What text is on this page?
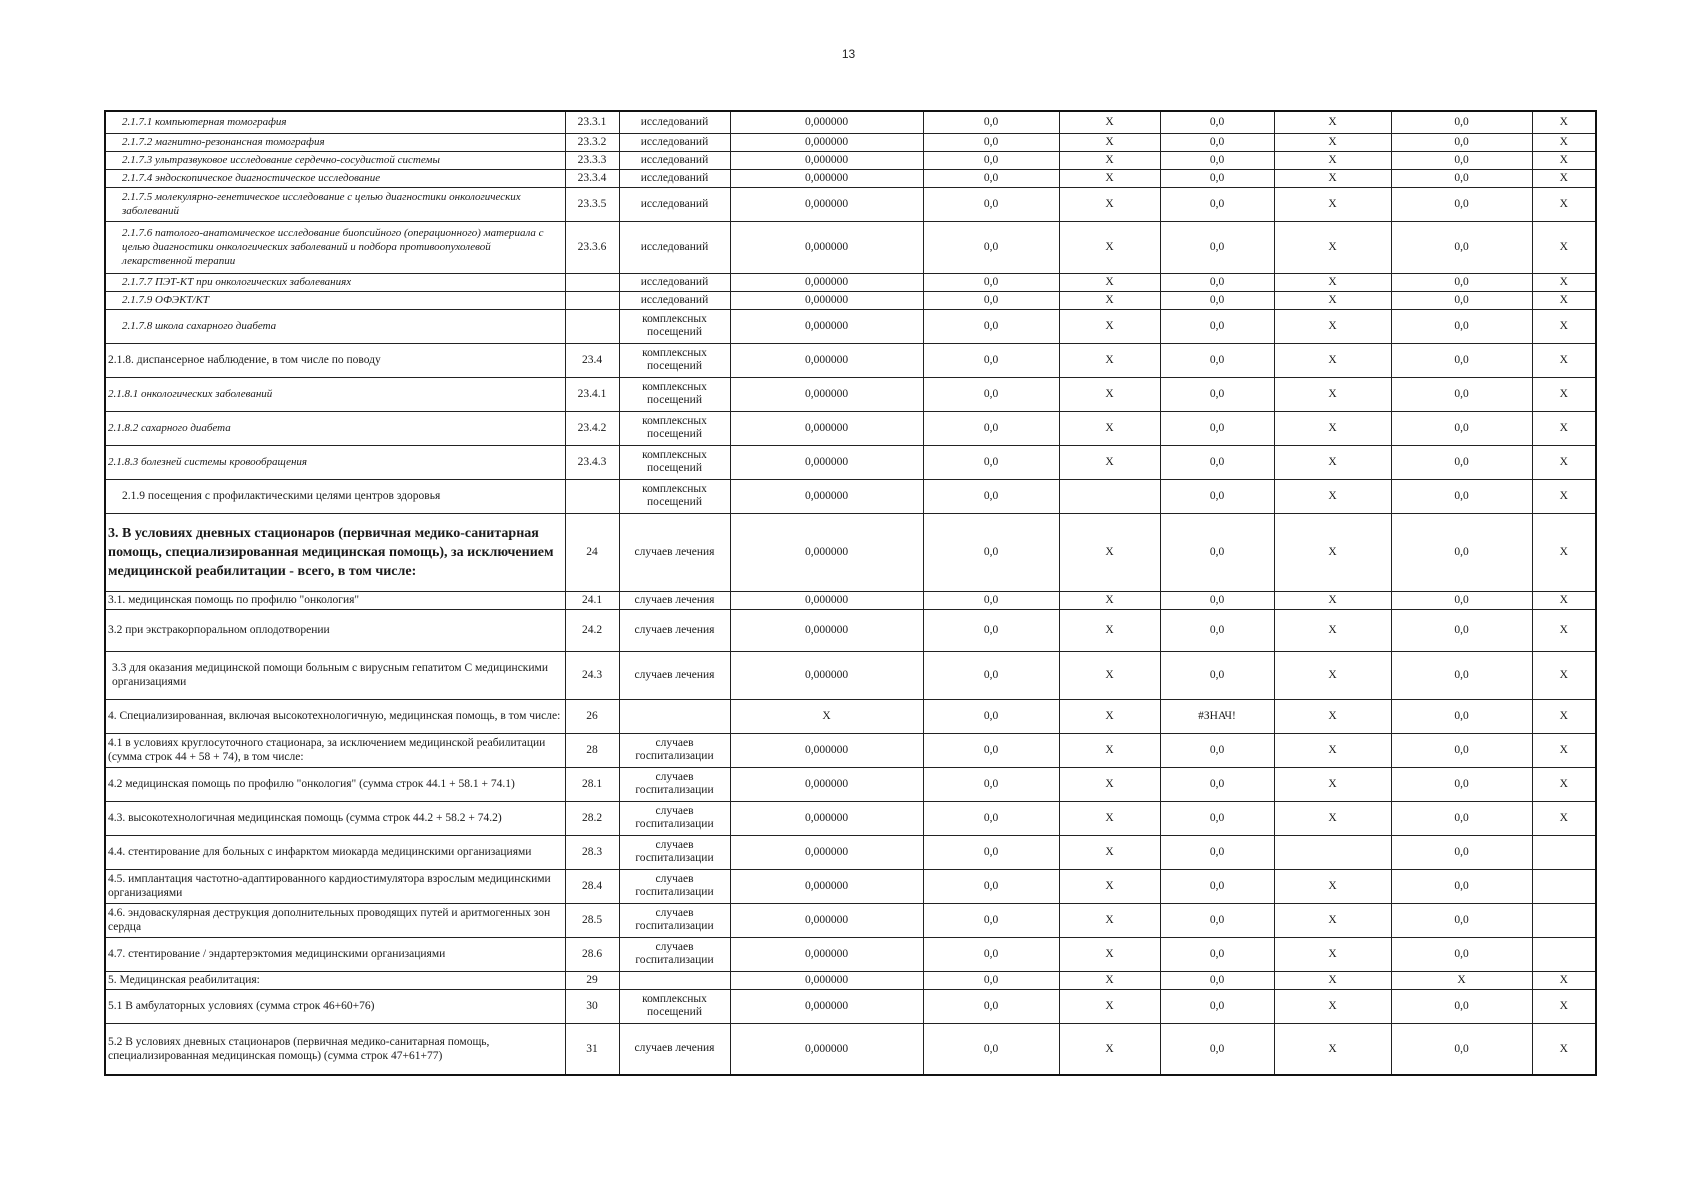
13
2.1.7.1 компьютерная томография	23.3.1	исследований	0,000000	0,0	X	0,0	X	0,0	X
2.1.7.2 магнитно-резонансная томография	23.3.2	исследований	0,000000	0,0	X	0,0	X	0,0	X
2.1.7.3 ультразвуковое исследование сердечно-сосудистой системы	23.3.3	исследований	0,000000	0,0	X	0,0	X	0,0	X
2.1.7.4 эндоскопическое диагностическое исследование	23.3.4	исследований	0,000000	0,0	X	0,0	X	0,0	X
2.1.7.5 молекулярно-генетическое исследование с целью диагностики онкологических заболеваний	23.3.5	исследований	0,000000	0,0	X	0,0	X	0,0	X
2.1.7.6 патолого-анатомическое исследование биопсийного (операционного) материала с целью диагностики онкологических заболеваний и подбора противоопухолевой лекарственной терапии	23.3.6	исследований	0,000000	0,0	X	0,0	X	0,0	X
2.1.7.7 ПЭТ-КТ при онкологических заболеваниях		исследований	0,000000	0,0	X	0,0	X	0,0	X
2.1.7.9 ОФЭКТ/КТ		исследований	0,000000	0,0	X	0,0	X	0,0	X
2.1.7.8 школа сахарного диабета		комплексных посещений	0,000000	0,0	X	0,0	X	0,0	X
2.1.8. диспансерное наблюдение, в том числе по поводу	23.4	комплексных посещений	0,000000	0,0	X	0,0	X	0,0	X
2.1.8.1 онкологических заболеваний	23.4.1	комплексных посещений	0,000000	0,0	X	0,0	X	0,0	X
2.1.8.2 сахарного диабета	23.4.2	комплексных посещений	0,000000	0,0	X	0,0	X	0,0	X
2.1.8.3 болезней системы кровообращения	23.4.3	комплексных посещений	0,000000	0,0	X	0,0	X	0,0	X
2.1.9 посещения с профилактическими целями центров здоровья		комплексных посещений	0,000000	0,0		0,0	X	0,0	X
3. В условиях дневных стационаров (первичная медико-санитарная помощь, специализированная медицинская помощь), за исключением медицинской реабилитации - всего, в том числе:	24	случаев лечения	0,000000	0,0	X	0,0	X	0,0	X
3.1. медицинская помощь по профилю "онкология"	24.1	случаев лечения	0,000000	0,0	X	0,0	X	0,0	X
3.2 при экстракорпоральном оплодотворении	24.2	случаев лечения	0,000000	0,0	X	0,0	X	0,0	X
3.3 для оказания медицинской помощи больным с вирусным гепатитом С медицинскими организациями	24.3	случаев лечения	0,000000	0,0	X	0,0	X	0,0	X
4. Специализированная, включая высокотехнологичную, медицинская помощь, в том числе:	26		X	0,0	X	#ЗНАЧ!	X	0,0	X
4.1 в условиях круглосуточного стационара, за исключением медицинской реабилитации (сумма строк 44 + 58 + 74), в том числе:	28	случаев госпитализации	0,000000	0,0	X	0,0	X	0,0	X
4.2 медицинская помощь по профилю "онкология" (сумма строк 44.1 + 58.1 + 74.1)	28.1	случаев госпитализации	0,000000	0,0	X	0,0	X	0,0	X
4.3. высокотехнологичная медицинская помощь (сумма строк 44.2 + 58.2 + 74.2)	28.2	случаев госпитализации	0,000000	0,0	X	0,0	X	0,0	X
4.4. стентирование для больных с инфарктом миокарда медицинскими организациями	28.3	случаев госпитализации	0,000000	0,0	X	0,0		0,0	
4.5. имплантация частотно-адаптированного кардиостимулятора взрослым медицинскими организациями	28.4	случаев госпитализации	0,000000	0,0	X	0,0	X	0,0	
4.6. эндоваскулярная деструкция дополнительных проводящих путей и аритмогенных зон сердца	28.5	случаев госпитализации	0,000000	0,0	X	0,0	X	0,0	
4.7. стентирование / эндартерэктомия медицинскими организациями	28.6	случаев госпитализации	0,000000	0,0	X	0,0	X	0,0	
5. Медицинская реабилитация:	29		0,000000	0,0	X	0,0	X	X	X
5.1 В амбулаторных условиях (сумма строк 46+60+76)	30	комплексных посещений	0,000000	0,0	X	0,0	X	0,0	X
5.2 В условиях дневных стационаров (первичная медико-санитарная помощь, специализированная медицинская помощь) (сумма строк 47+61+77)	31	случаев лечения	0,000000	0,0	X	0,0	X	0,0	X
